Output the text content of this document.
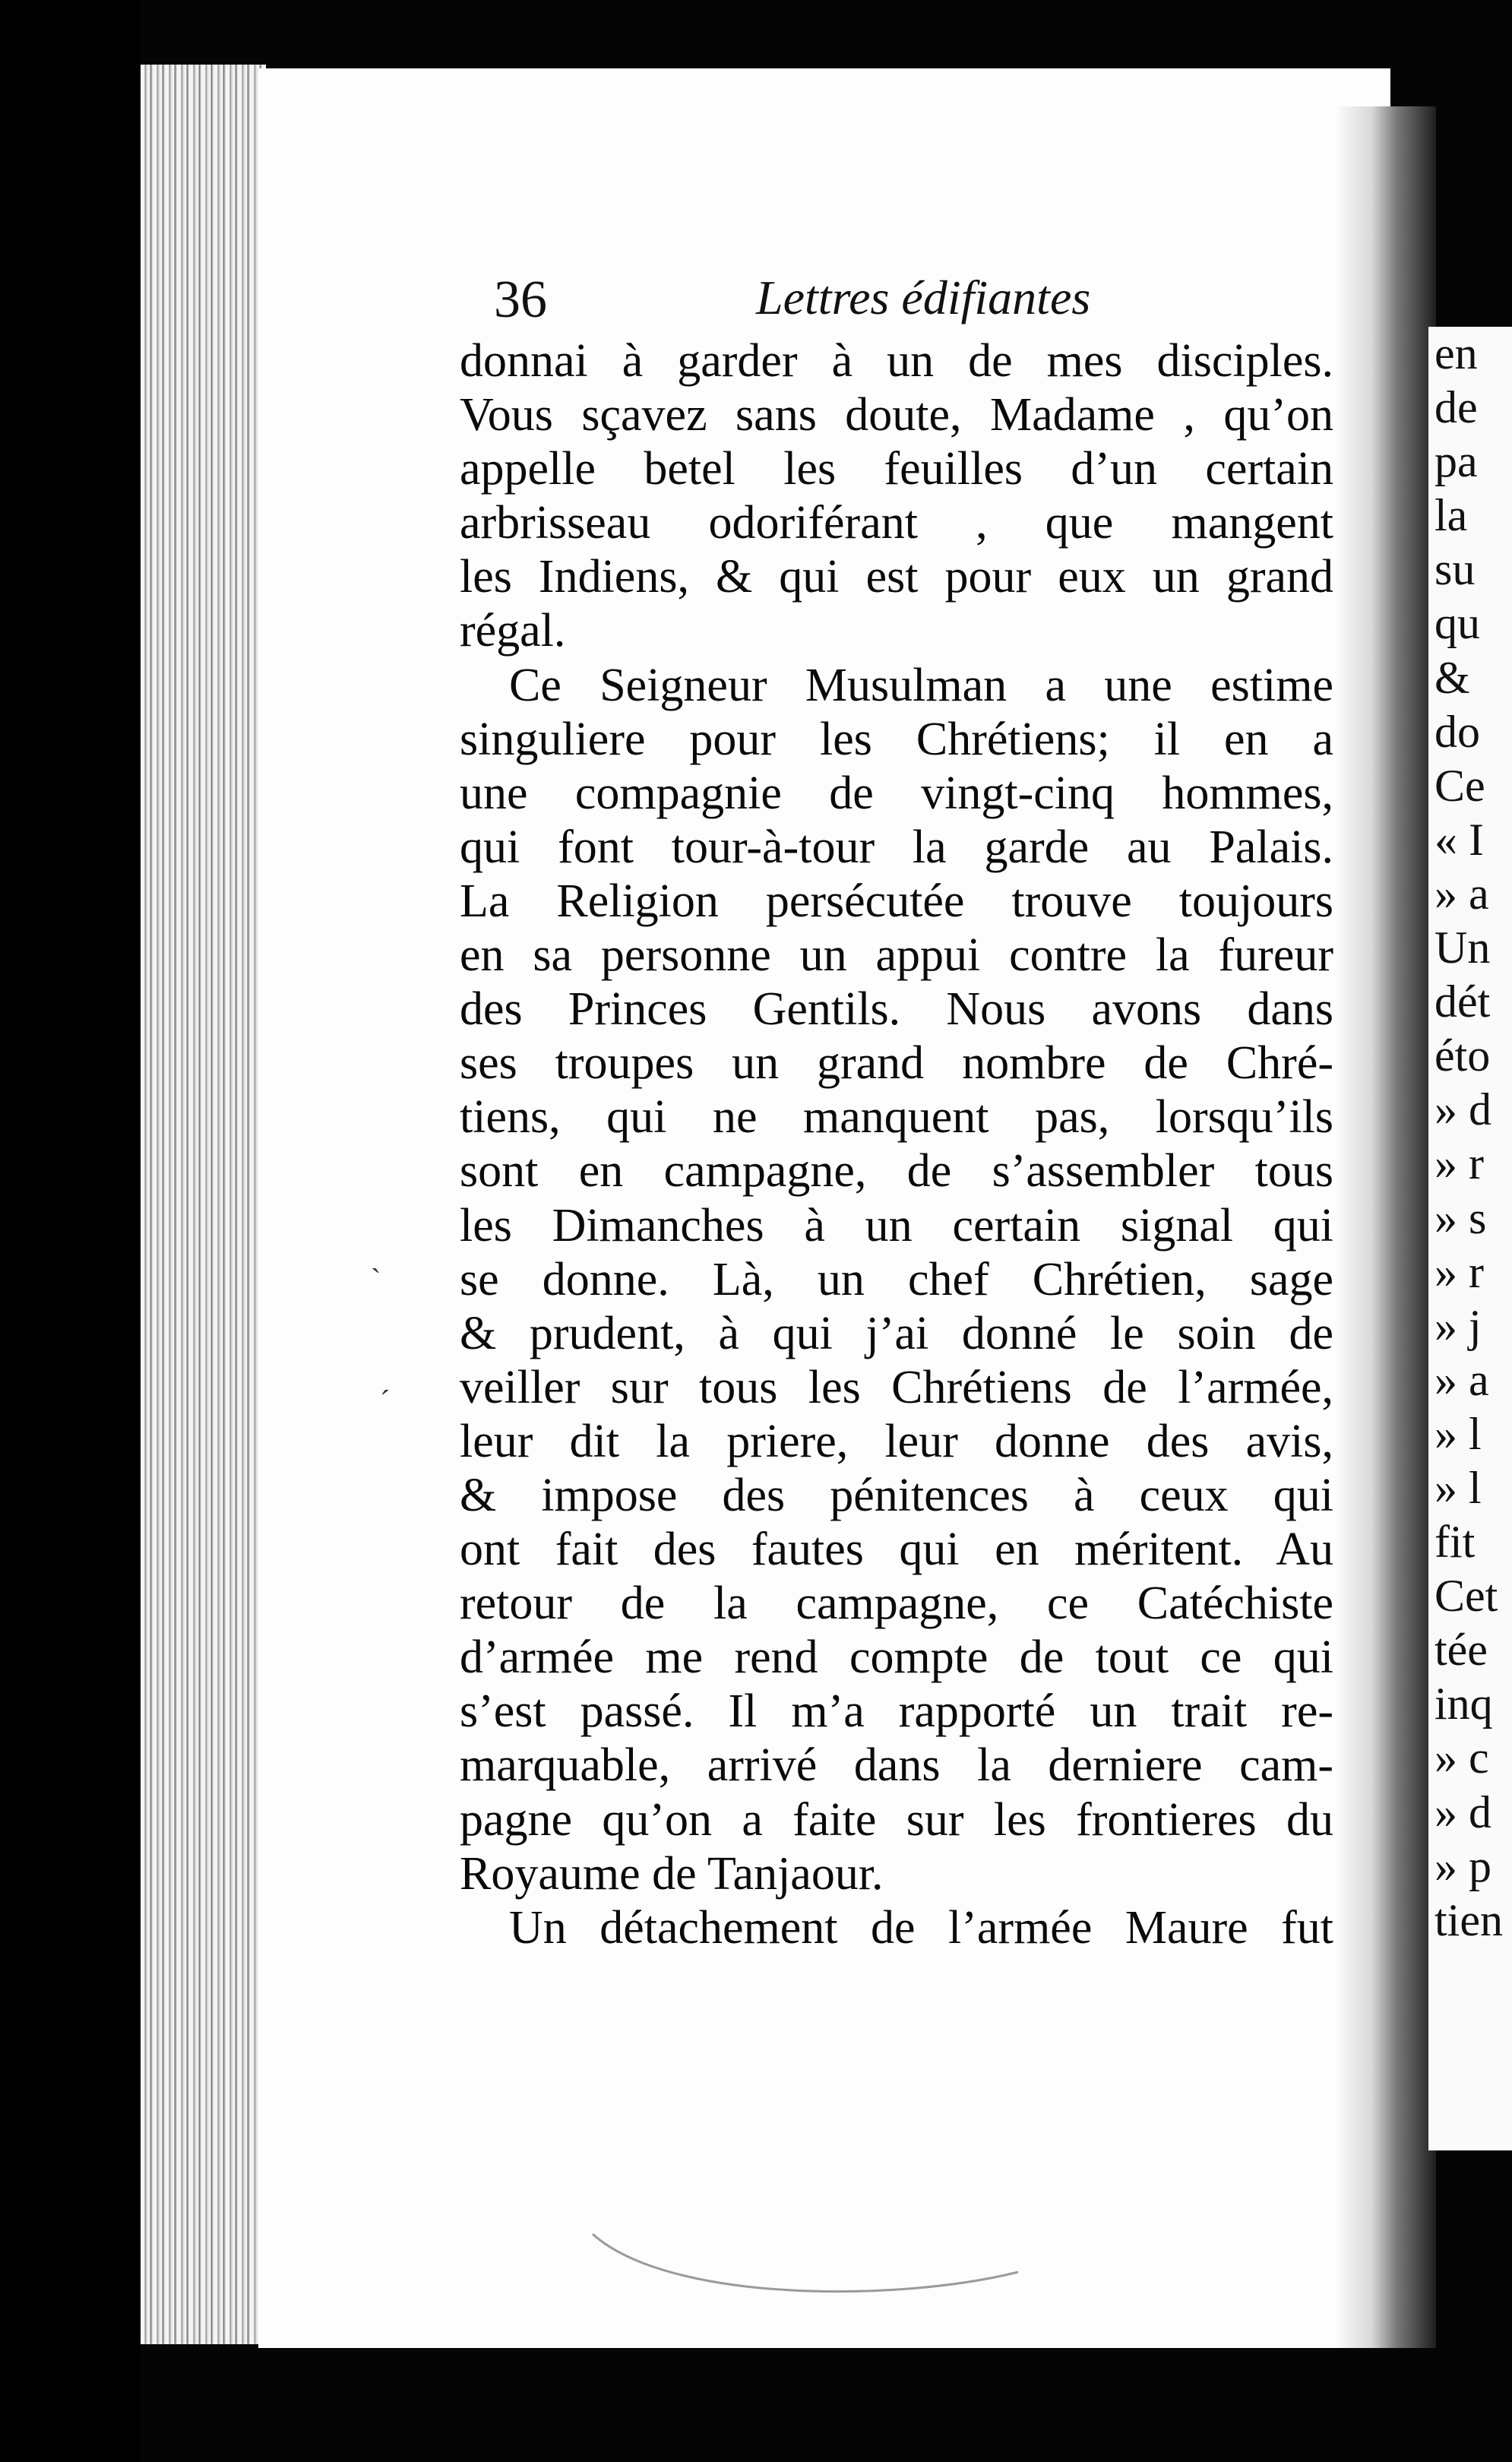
en
de
pa
la
su
qu
&
do
Ce
« I
» a
Un
dét
éto
» d
» r
» s
» r
» j
» a
» l
» l
fit
Cet
tée
inq
» c
» d
» p
tien
36	Lettres édifiantes
donnai à garder à un de mes disciples.
Vous sçavez sans doute, Madame , qu’on
appelle betel les feuilles d’un certain
arbrisseau odoriférant , que mangent
les Indiens, & qui est pour eux un grand
régal.
Ce Seigneur Musulman a une estime
singuliere pour les Chrétiens; il en a
une compagnie de vingt-cinq hommes,
qui font tour-à-tour la garde au Palais.
La Religion persécutée trouve toujours
en sa personne un appui contre la fureur
des Princes Gentils. Nous avons dans
ses troupes un grand nombre de Chré-
tiens, qui ne manquent pas, lorsqu’ils
sont en campagne, de s’assembler tous
les Dimanches à un certain signal qui
se donne. Là, un chef Chrétien, sage
& prudent, à qui j’ai donné le soin de
veiller sur tous les Chrétiens de l’armée,
leur dit la priere, leur donne des avis,
& impose des pénitences à ceux qui
ont fait des fautes qui en méritent. Au
retour de la campagne, ce Catéchiste
d’armée me rend compte de tout ce qui
s’est passé. Il m’a rapporté un trait re-
marquable, arrivé dans la derniere cam-
pagne qu’on a faite sur les frontieres du
Royaume de Tanjaour.
Un détachement de l’armée Maure fut
ˋ
ˊ
